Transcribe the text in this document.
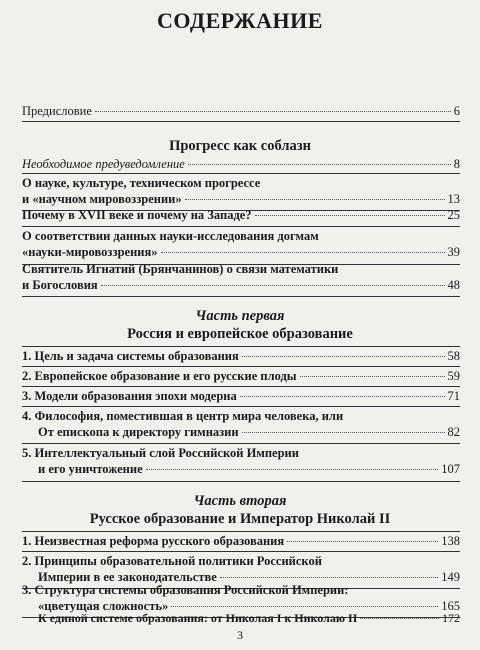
СОДЕРЖАНИЕ
Предисловие	6
Прогресс как соблазн
Необходимое предуведомление	8
О науке, культуре, техническом прогрессе
и «научном мировоззрении»	13
Почему в XVII веке и почему на Западе?	25
О соответствии данных науки-исследования догмам
«науки-мировоззрения»	39
Святитель Игнатий (Брянчанинов) о связи математики
и Богословия	48
Часть первая
Россия и европейское образование
1. Цель и задача системы образования	58
2. Европейское образование и его русские плоды	59
3. Модели образования эпохи модерна	71
4. Философия, поместившая в центр мира человека, или
От епископа к директору гимназии	82
5. Интеллектуальный слой Российской Империи
и его уничтожение	107
Часть вторая
Русское образование и Император Николай II
1. Неизвестная реформа русского образования	138
2. Принципы образовательной политики Российской
Империи в ее законодательстве	149
3. Структура системы образования Российской Империи:
«цветущая сложность»	165
К единой системе образования: от Николая I к Николаю II	172
3
